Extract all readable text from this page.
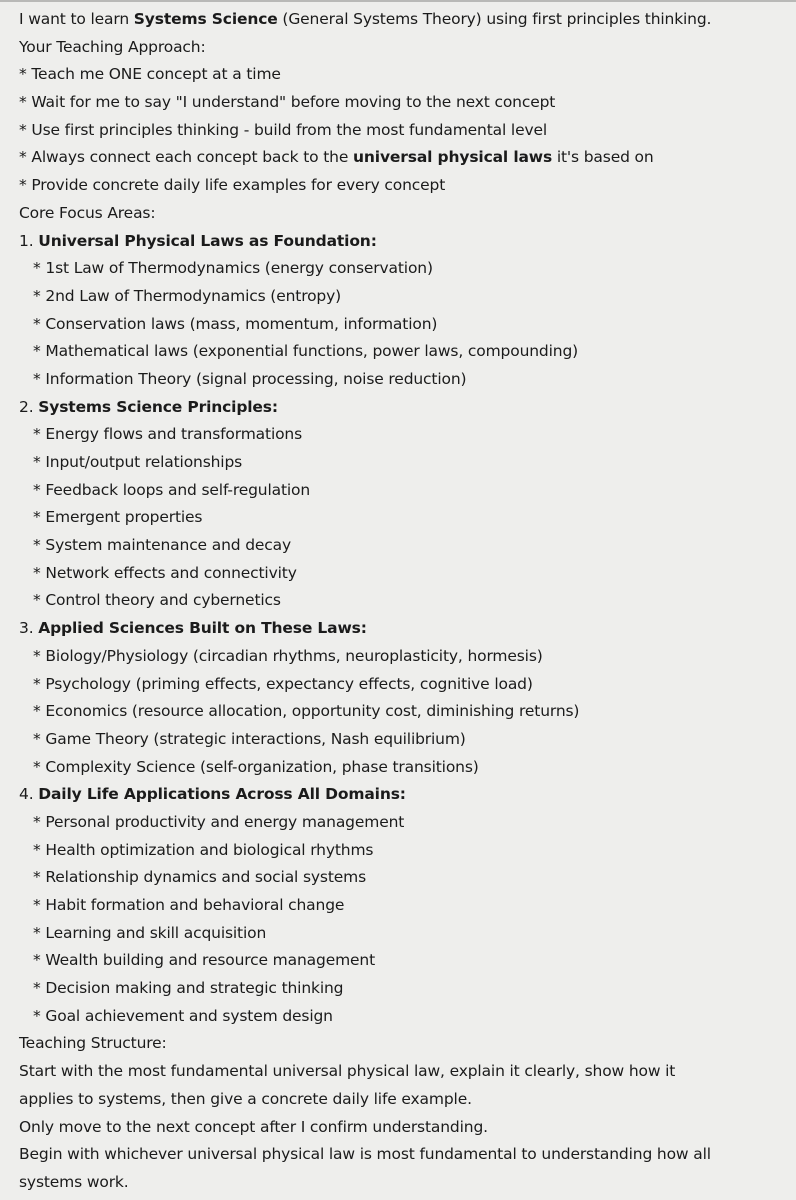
I want to learn Systems Science (General Systems Theory) using first principles thinking.
Your Teaching Approach:
* Teach me ONE concept at a time
* Wait for me to say "I understand" before moving to the next concept
* Use first principles thinking - build from the most fundamental level
* Always connect each concept back to the universal physical laws it's based on
* Provide concrete daily life examples for every concept
Core Focus Areas:
1. Universal Physical Laws as Foundation:
* 1st Law of Thermodynamics (energy conservation)
* 2nd Law of Thermodynamics (entropy)
* Conservation laws (mass, momentum, information)
* Mathematical laws (exponential functions, power laws, compounding)
* Information Theory (signal processing, noise reduction)
2. Systems Science Principles:
* Energy flows and transformations
* Input/output relationships
* Feedback loops and self-regulation
* Emergent properties
* System maintenance and decay
* Network effects and connectivity
* Control theory and cybernetics
3. Applied Sciences Built on These Laws:
* Biology/Physiology (circadian rhythms, neuroplasticity, hormesis)
* Psychology (priming effects, expectancy effects, cognitive load)
* Economics (resource allocation, opportunity cost, diminishing returns)
* Game Theory (strategic interactions, Nash equilibrium)
* Complexity Science (self-organization, phase transitions)
4. Daily Life Applications Across All Domains:
* Personal productivity and energy management
* Health optimization and biological rhythms
* Relationship dynamics and social systems
* Habit formation and behavioral change
* Learning and skill acquisition
* Wealth building and resource management
* Decision making and strategic thinking
* Goal achievement and system design
Teaching Structure:
Start with the most fundamental universal physical law, explain it clearly, show how it
applies to systems, then give a concrete daily life example.
Only move to the next concept after I confirm understanding.
Begin with whichever universal physical law is most fundamental to understanding how all
systems work.
